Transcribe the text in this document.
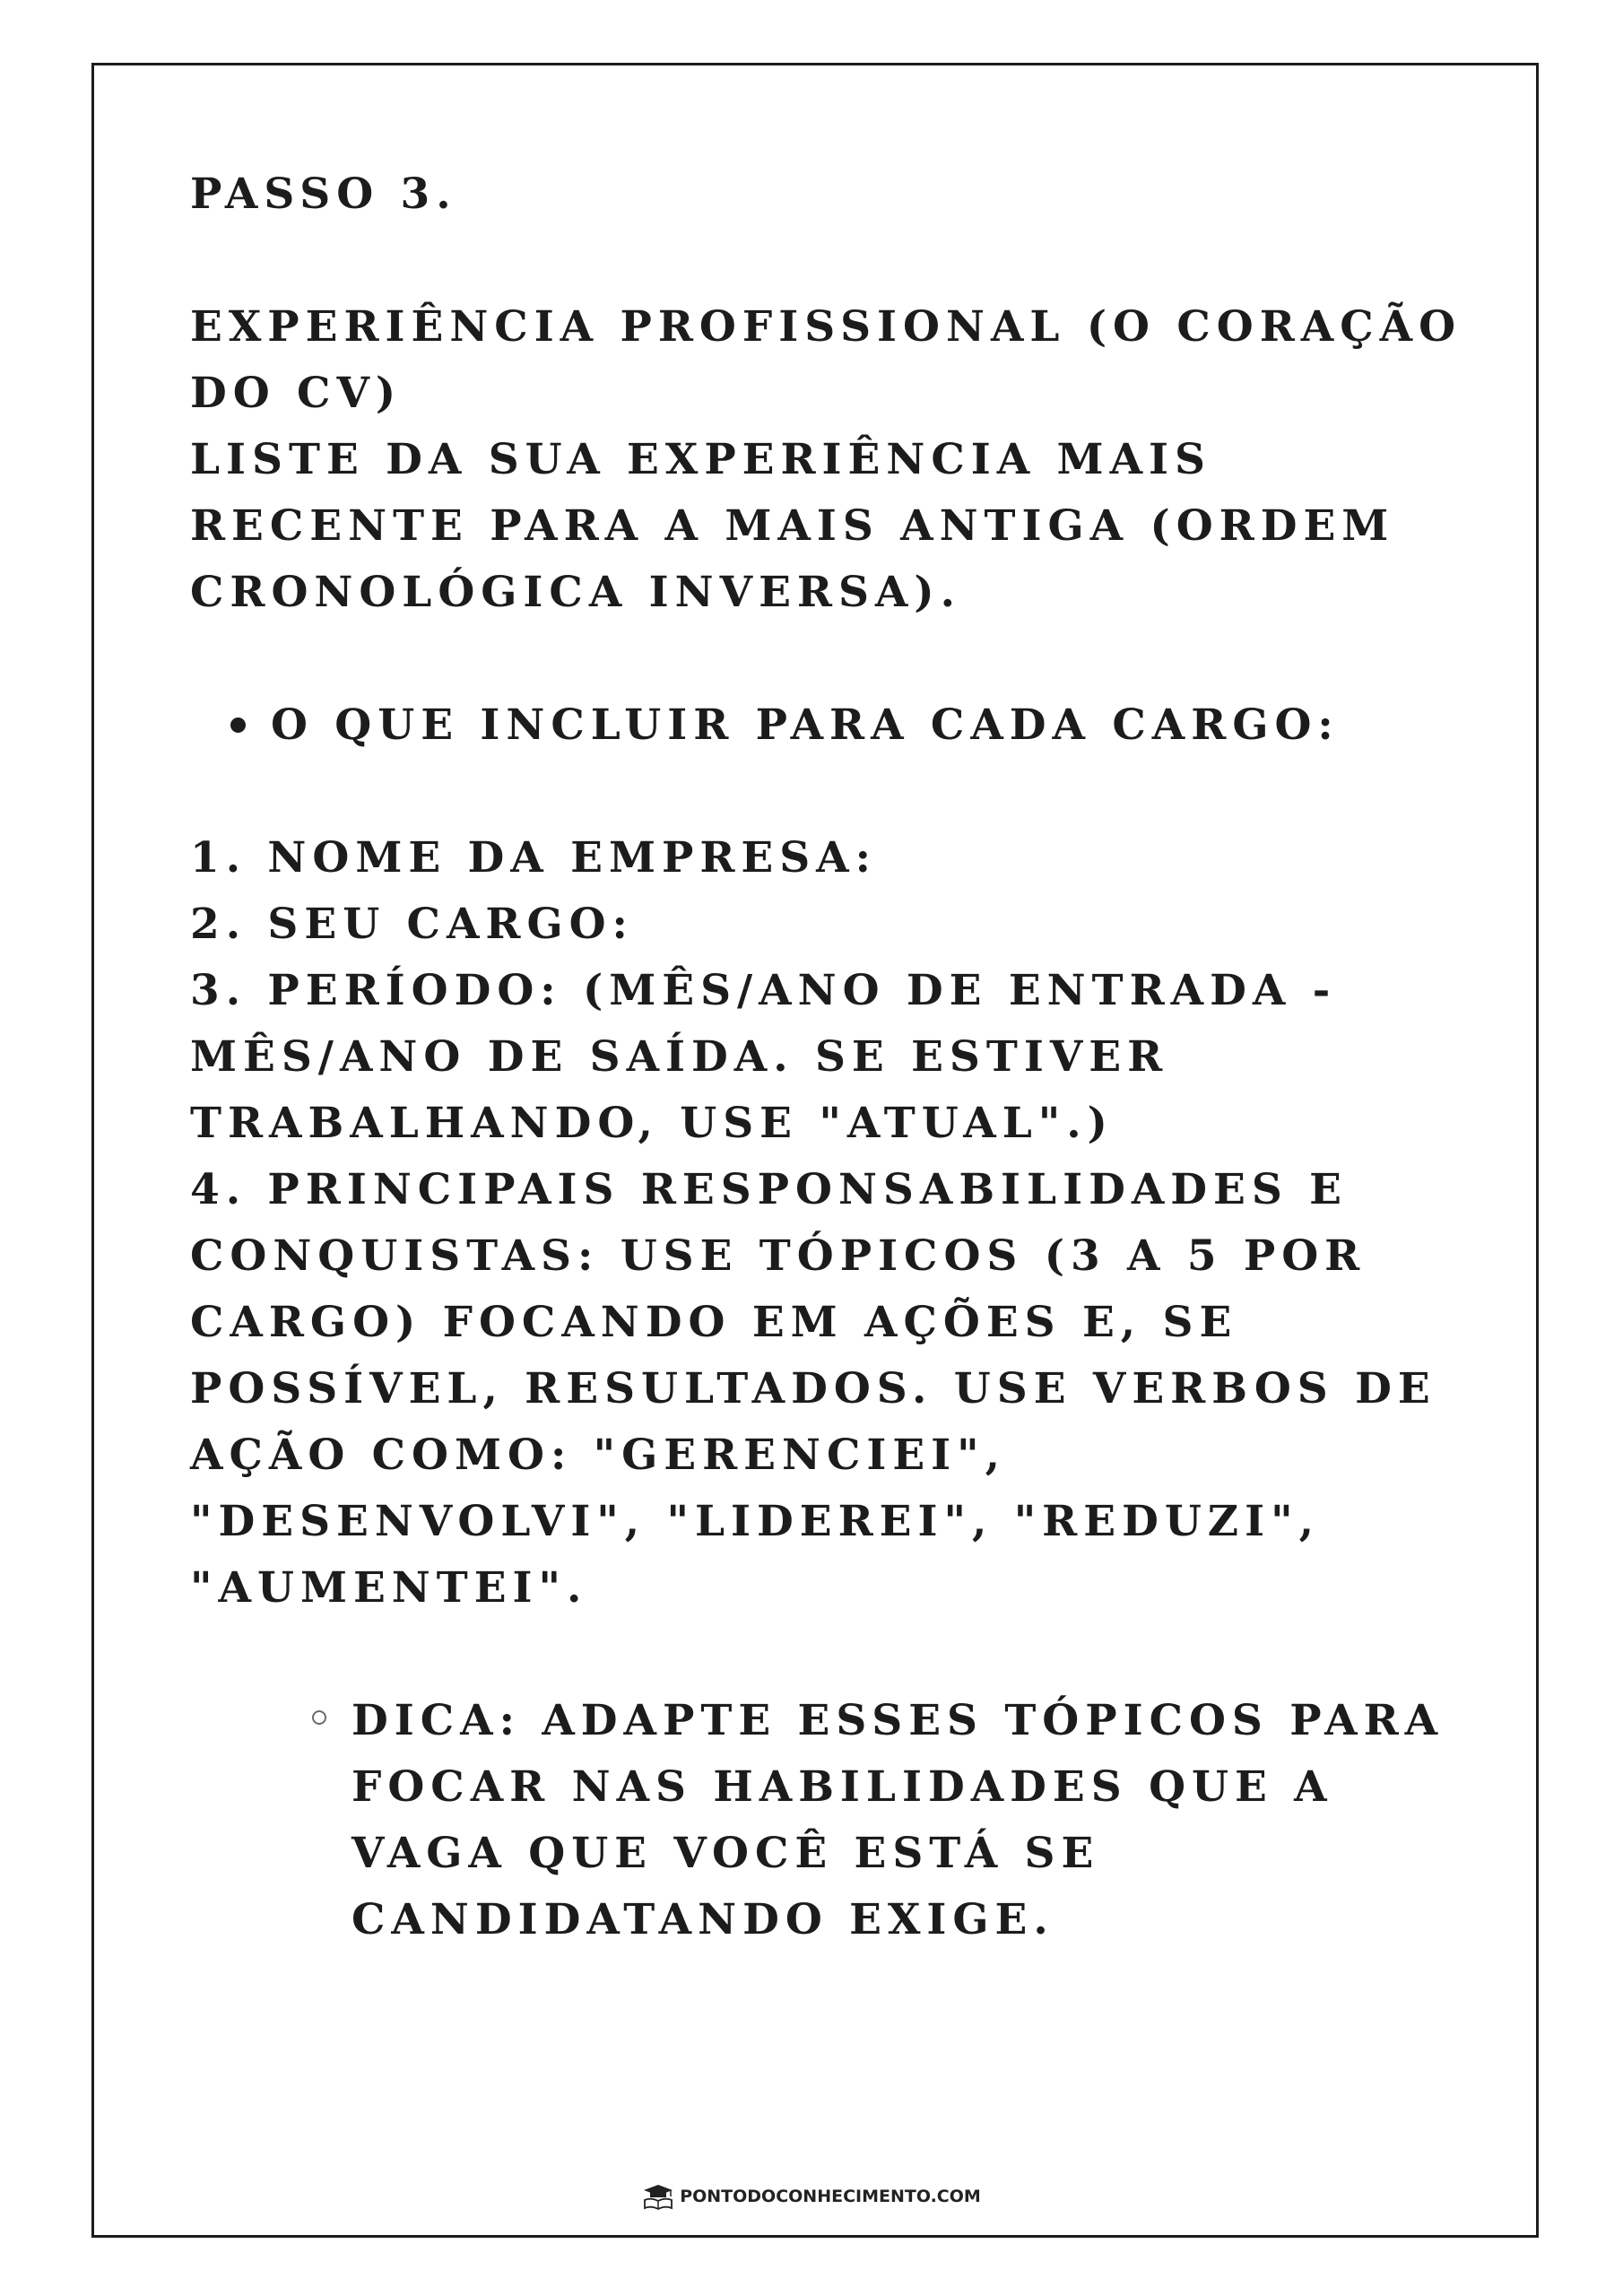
PASSO 3.

EXPERIÊNCIA PROFISSIONAL (O CORAÇÃO DO CV)

LISTE DA SUA EXPERIÊNCIA MAIS RECENTE PARA A MAIS ANTIGA (ORDEM CRONOLÓGICA INVERSA).

O QUE INCLUIR PARA CADA CARGO:

1. NOME DA EMPRESA:

2. SEU CARGO:

3. PERÍODO: (MÊS/ANO DE ENTRADA - MÊS/ANO DE SAÍDA. SE ESTIVER TRABALHANDO, USE "ATUAL".)

4. PRINCIPAIS RESPONSABILIDADES E CONQUISTAS: USE TÓPICOS (3 A 5 POR CARGO) FOCANDO EM AÇÕES E, SE POSSÍVEL, RESULTADOS. USE VERBOS DE AÇÃO COMO: "GERENCIEI", "DESENVOLVI", "LIDEREI", "REDUZI", "AUMENTEI".

DICA: ADAPTE ESSES TÓPICOS PARA FOCAR NAS HABILIDADES QUE A VAGA QUE VOCÊ ESTÁ SE CANDIDATANDO EXIGE.
PONTODOCONHECIMENTO.COM
